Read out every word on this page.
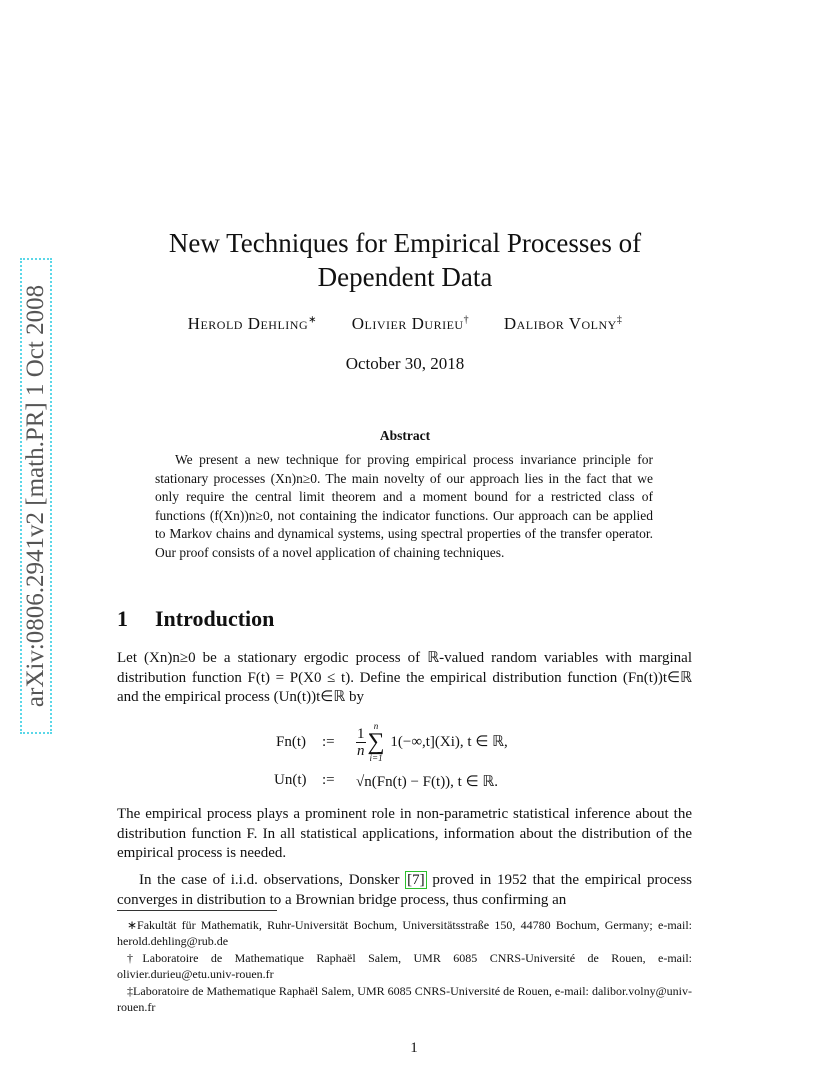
arXiv:0806.2941v2 [math.PR] 1 Oct 2008
New Techniques for Empirical Processes of
Dependent Data
Herold Dehling∗ Olivier Durieu† Dalibor Volny‡
October 30, 2018
Abstract

We present a new technique for proving empirical process invariance principle for stationary processes (Xn)n≥0. The main novelty of our approach lies in the fact that we only require the central limit theorem and a moment bound for a restricted class of functions (f(Xn))n≥0, not containing the indicator functions. Our approach can be applied to Markov chains and dynamical systems, using spectral properties of the transfer operator. Our proof consists of a novel application of chaining techniques.

1 Introduction

Let (Xn)n≥0 be a stationary ergodic process of ℝ-valued random variables with marginal distribution function F(t) = P(X0 ≤ t). Define the empirical distribution function (Fn(t))t∈ℝ and the empirical process (Un(t))t∈ℝ by

Fn(t) := $\frac{1}{n}$ n
∑
i=1
1(−∞,t](Xi), t ∈ ℝ,
Un(t) := √n(Fn(t) − F(t)), t ∈ ℝ.

The empirical process plays a prominent role in non-parametric statistical inference about the distribution function F. In all statistical applications, information about the distribution of the empirical process is needed.

In the case of i.i.d. observations, Donsker [7] proved in 1952 that the empirical process converges in distribution to a Brownian bridge process, thus confirming an

∗Fakultät für Mathematik, Ruhr-Universität Bochum, Universitätsstraße 150, 44780 Bochum, Germany; e-mail: herold.dehling@rub.de

†Laboratoire de Mathematique Raphaël Salem, UMR 6085 CNRS-Université de Rouen, e-mail: olivier.durieu@etu.univ-rouen.fr

‡Laboratoire de Mathematique Raphaël Salem, UMR 6085 CNRS-Université de Rouen, e-mail: dalibor.volny@univ-rouen.fr

1
